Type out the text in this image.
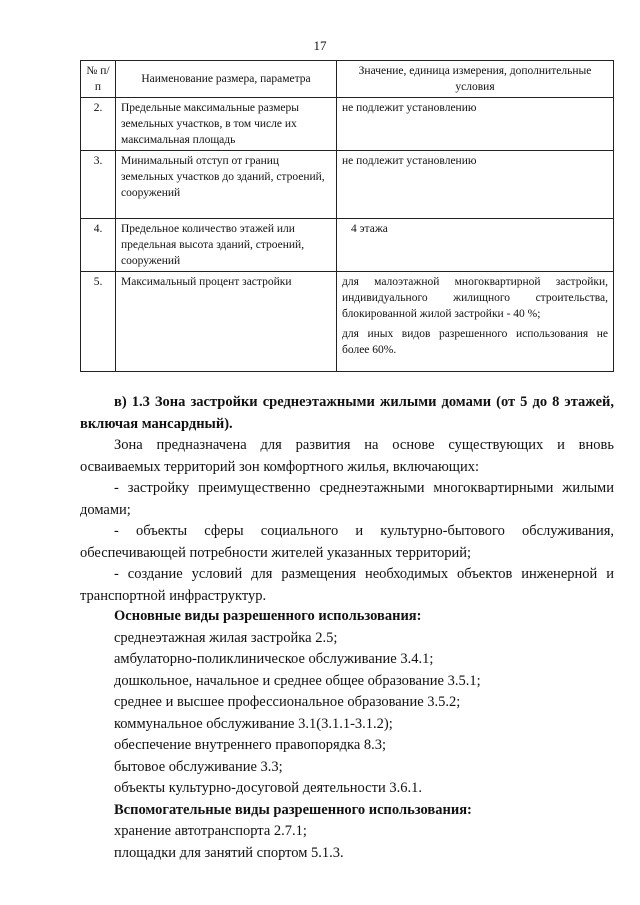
17
№ п/п	Наименование размера, параметра	Значение, единица измерения, дополнительные условия
2.	Предельные максимальные размеры земельных участков, в том числе их максимальная площадь	не подлежит установлению
3.	Минимальный отступ от границ земельных участков до зданий, строений, сооружений	не подлежит установлению
4.	Предельное количество этажей или предельная высота зданий, строений, сооружений	4 этажа
5.	Максимальный процент застройки	для малоэтажной многоквартирной застройки, индивидуального жилищного строительства, блокированной жилой застройки - 40 %;

для иных видов разрешенного использования не более 60%.

в) 1.3 Зона застройки среднеэтажными жилыми домами (от 5 до 8 этажей, включая мансардный).

Зона предназначена для развития на основе существующих и вновь осваиваемых территорий зон комфортного жилья, включающих:

- застройку преимущественно среднеэтажными многоквартирными жилыми домами;

- объекты сферы социального и культурно-бытового обслуживания, обеспечивающей потребности жителей указанных территорий;

- создание условий для размещения необходимых объектов инженерной и транспортной инфраструктур.

Основные виды разрешенного использования:
среднеэтажная жилая застройка 2.5;
амбулаторно-поликлиническое обслуживание 3.4.1;
дошкольное, начальное и среднее общее образование 3.5.1;
среднее и высшее профессиональное образование 3.5.2;
коммунальное обслуживание 3.1(3.1.1-3.1.2);
обеспечение внутреннего правопорядка 8.3;
бытовое обслуживание 3.3;
объекты культурно-досуговой деятельности 3.6.1.
Вспомогательные виды разрешенного использования:
хранение автотранспорта 2.7.1;
площадки для занятий спортом 5.1.3.
